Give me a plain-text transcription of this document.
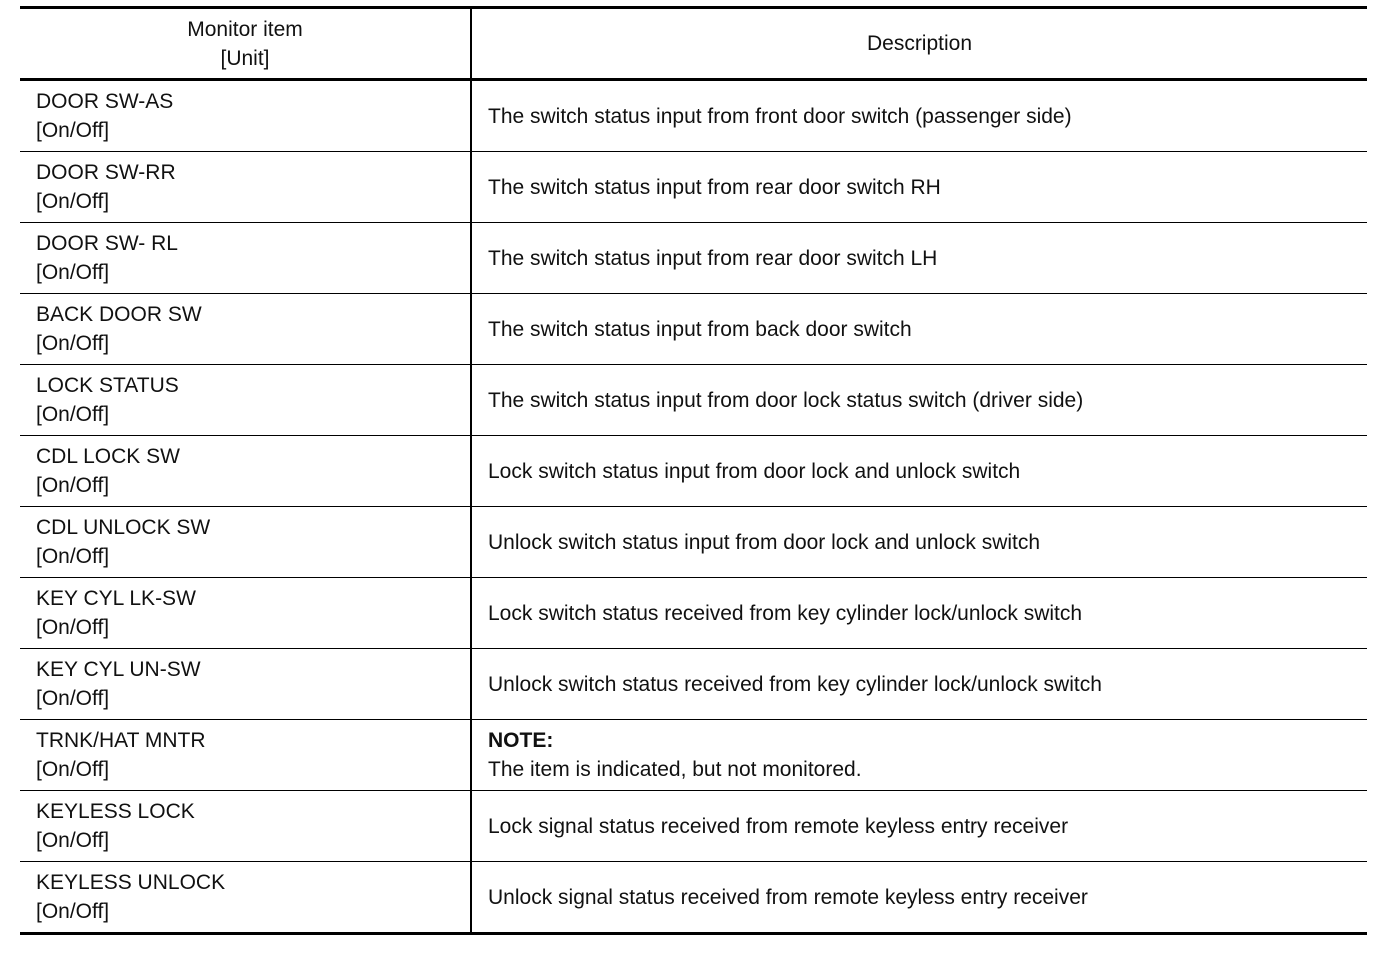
Monitor item
[Unit]	Description

DOOR SW-AS
[On/Off]	The switch status input from front door switch (passenger side)

DOOR SW-RR
[On/Off]	The switch status input from rear door switch RH

DOOR SW- RL
[On/Off]	The switch status input from rear door switch LH

BACK DOOR SW
[On/Off]	The switch status input from back door switch

LOCK STATUS
[On/Off]	The switch status input from door lock status switch (driver side)

CDL LOCK SW
[On/Off]	Lock switch status input from door lock and unlock switch

CDL UNLOCK SW
[On/Off]	Unlock switch status input from door lock and unlock switch

KEY CYL LK-SW
[On/Off]	Lock switch status received from key cylinder lock/unlock switch

KEY CYL UN-SW
[On/Off]	Unlock switch status received from key cylinder lock/unlock switch

TRNK/HAT MNTR
[On/Off]	NOTE:
The item is indicated, but not monitored.

KEYLESS LOCK
[On/Off]	Lock signal status received from remote keyless entry receiver

KEYLESS UNLOCK
[On/Off]	Unlock signal status received from remote keyless entry receiver
